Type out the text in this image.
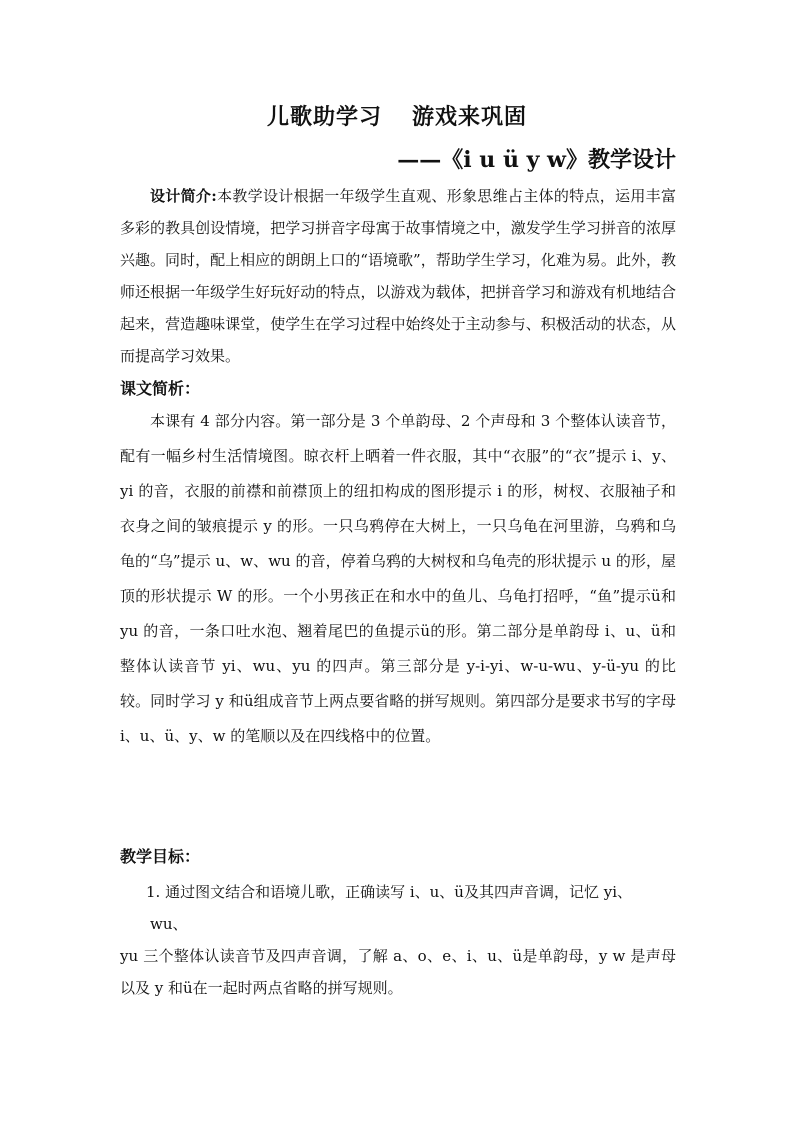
儿歌助学习 游戏来巩固
——《i u ü y w》教学设计
设计简介:本教学设计根据一年级学生直观、形象思维占主体的特点，运用丰富多彩的教具创设情境，把学习拼音字母寓于故事情境之中，激发学生学习拼音的浓厚兴趣。同时，配上相应的朗朗上口的“语境歌”，帮助学生学习，化难为易。此外，教师还根据一年级学生好玩好动的特点，以游戏为载体，把拼音学习和游戏有机地结合起来，营造趣味课堂，使学生在学习过程中始终处于主动参与、积极活动的状态，从而提高学习效果。
课文简析：
本课有 4 部分内容。第一部分是 3 个单韵母、2 个声母和 3 个整体认读音节，配有一幅乡村生活情境图。晾衣杆上晒着一件衣服，其中“衣服”的“衣”提示 i、y、yi 的音，衣服的前襟和前襟顶上的纽扣构成的图形提示 i 的形，树杈、衣服袖子和衣身之间的皱痕提示 y 的形。一只乌鸦停在大树上，一只乌龟在河里游，乌鸦和乌龟的“乌”提示 u、w、wu 的音，停着乌鸦的大树杈和乌龟壳的形状提示 u 的形，屋顶的形状提示 W 的形。一个小男孩正在和水中的鱼儿、乌龟打招呼，“鱼”提示ü和 yu 的音，一条口吐水泡、翘着尾巴的鱼提示ü的形。第二部分是单韵母 i、u、ü和整体认读音节 yi、wu、yu 的四声。第三部分是 y-i-yi、w-u-wu、y-ü-yu 的比较。同时学习 y 和ü组成音节上两点要省略的拼写规则。第四部分是要求书写的字母 i、u、ü、y、w 的笔顺以及在四线格中的位置。
教学目标：
1. 通过图文结合和语境儿歌，正确读写 i、u、ü及其四声音调，记忆 yi、
wu、
yu 三个整体认读音节及四声音调，了解 a、o、e、i、u、ü是单韵母，y w 是声母以及 y 和ü在一起时两点省略的拼写规则。
